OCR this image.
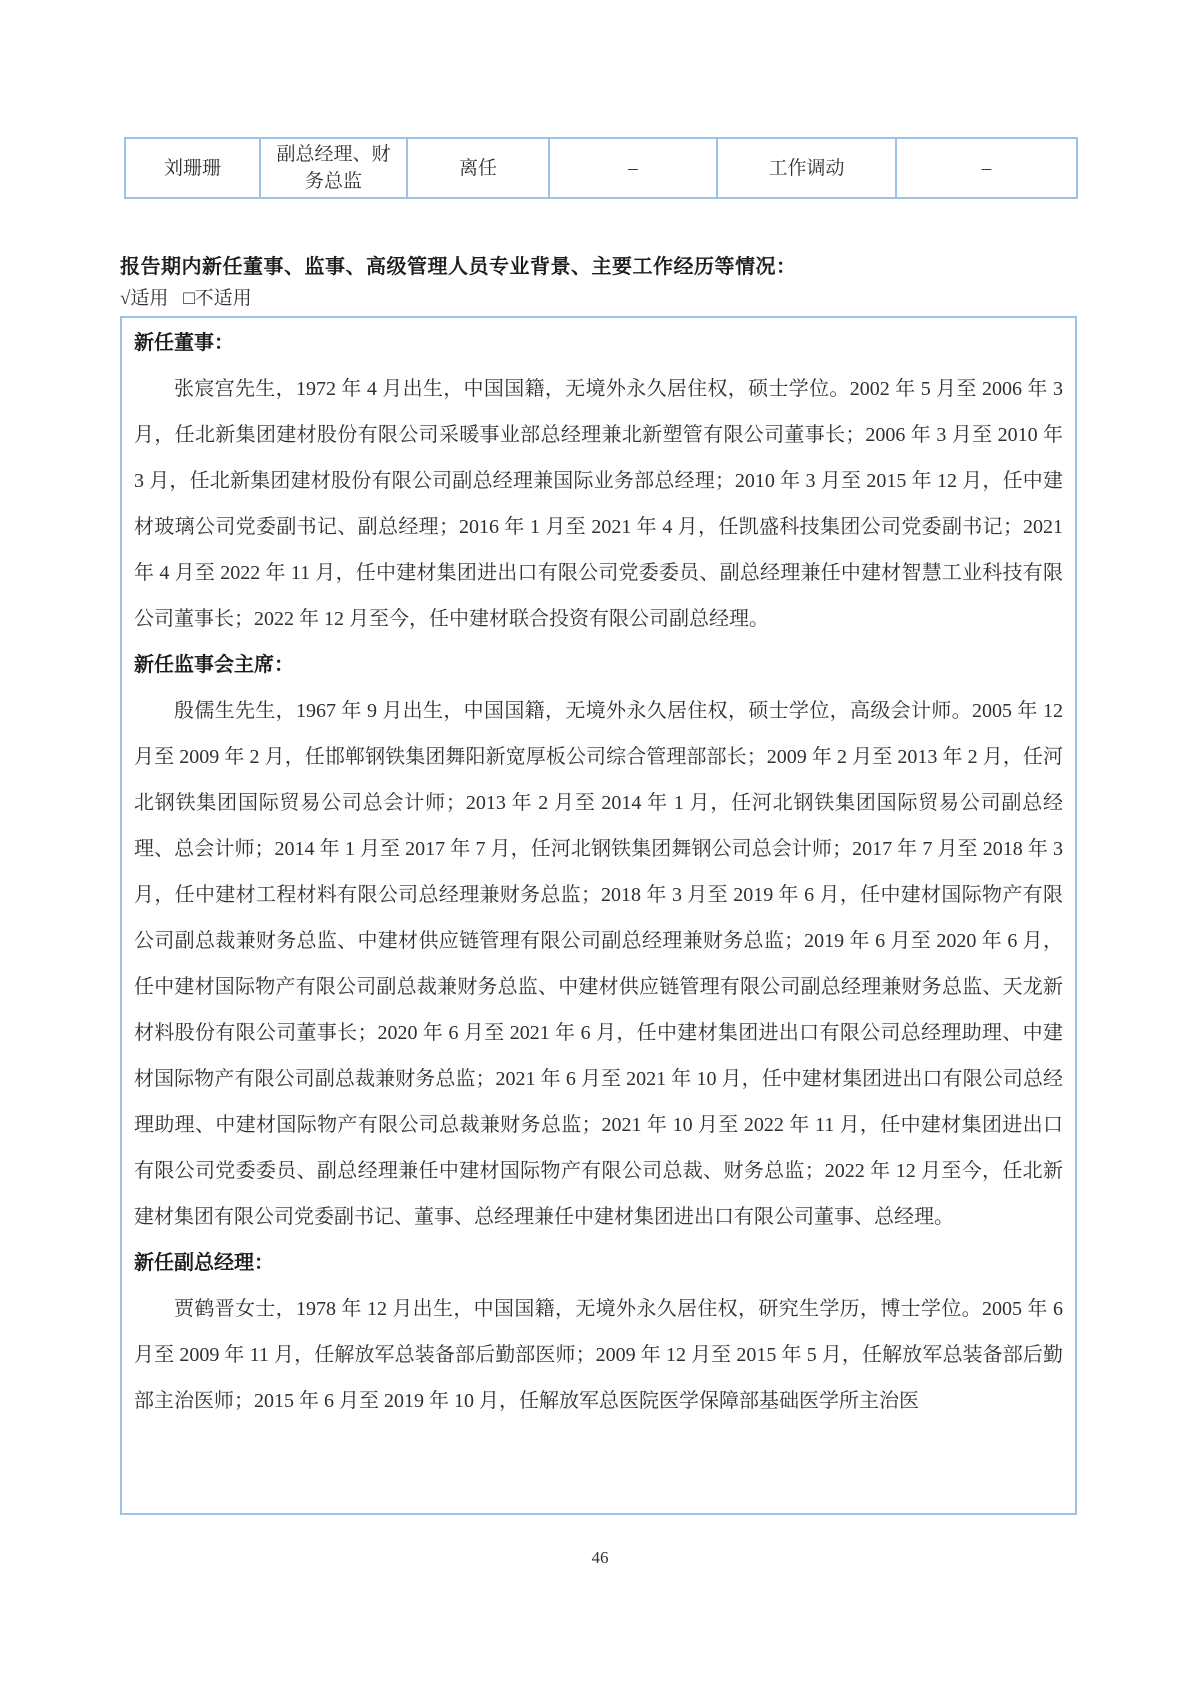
刘珊珊	副总经理、财务总监	离任	–	工作调动	–
报告期内新任董事、监事、高级管理人员专业背景、主要工作经历等情况：
√适用 □不适用

新任董事：

张宸宫先生，1972 年 4 月出生，中国国籍，无境外永久居住权，硕士学位。2002 年 5 月至 2006 年 3 月，任北新集团建材股份有限公司采暖事业部总经理兼北新塑管有限公司董事长；2006 年 3 月至 2010 年 3 月，任北新集团建材股份有限公司副总经理兼国际业务部总经理；2010 年 3 月至 2015 年 12 月，任中建材玻璃公司党委副书记、副总经理；2016 年 1 月至 2021 年 4 月，任凯盛科技集团公司党委副书记；2021 年 4 月至 2022 年 11 月，任中建材集团进出口有限公司党委委员、副总经理兼任中建材智慧工业科技有限公司董事长；2022 年 12 月至今，任中建材联合投资有限公司副总经理。

新任监事会主席：

殷儒生先生，1967 年 9 月出生，中国国籍，无境外永久居住权，硕士学位，高级会计师。2005 年 12 月至 2009 年 2 月，任邯郸钢铁集团舞阳新宽厚板公司综合管理部部长；2009 年 2 月至 2013 年 2 月，任河北钢铁集团国际贸易公司总会计师；2013 年 2 月至 2014 年 1 月，任河北钢铁集团国际贸易公司副总经理、总会计师；2014 年 1 月至 2017 年 7 月，任河北钢铁集团舞钢公司总会计师；2017 年 7 月至 2018 年 3 月，任中建材工程材料有限公司总经理兼财务总监；2018 年 3 月至 2019 年 6 月，任中建材国际物产有限公司副总裁兼财务总监、中建材供应链管理有限公司副总经理兼财务总监；2019 年 6 月至 2020 年 6 月，任中建材国际物产有限公司副总裁兼财务总监、中建材供应链管理有限公司副总经理兼财务总监、天龙新材料股份有限公司董事长；2020 年 6 月至 2021 年 6 月，任中建材集团进出口有限公司总经理助理、中建材国际物产有限公司副总裁兼财务总监；2021 年 6 月至 2021 年 10 月，任中建材集团进出口有限公司总经理助理、中建材国际物产有限公司总裁兼财务总监；2021 年 10 月至 2022 年 11 月，任中建材集团进出口有限公司党委委员、副总经理兼任中建材国际物产有限公司总裁、财务总监；2022 年 12 月至今，任北新建材集团有限公司党委副书记、董事、总经理兼任中建材集团进出口有限公司董事、总经理。

新任副总经理：

贾鹤晋女士，1978 年 12 月出生，中国国籍，无境外永久居住权，研究生学历，博士学位。2005 年 6 月至 2009 年 11 月，任解放军总装备部后勤部医师；2009 年 12 月至 2015 年 5 月，任解放军总装备部后勤部主治医师；2015 年 6 月至 2019 年 10 月，任解放军总医院医学保障部基础医学所主治医

46
